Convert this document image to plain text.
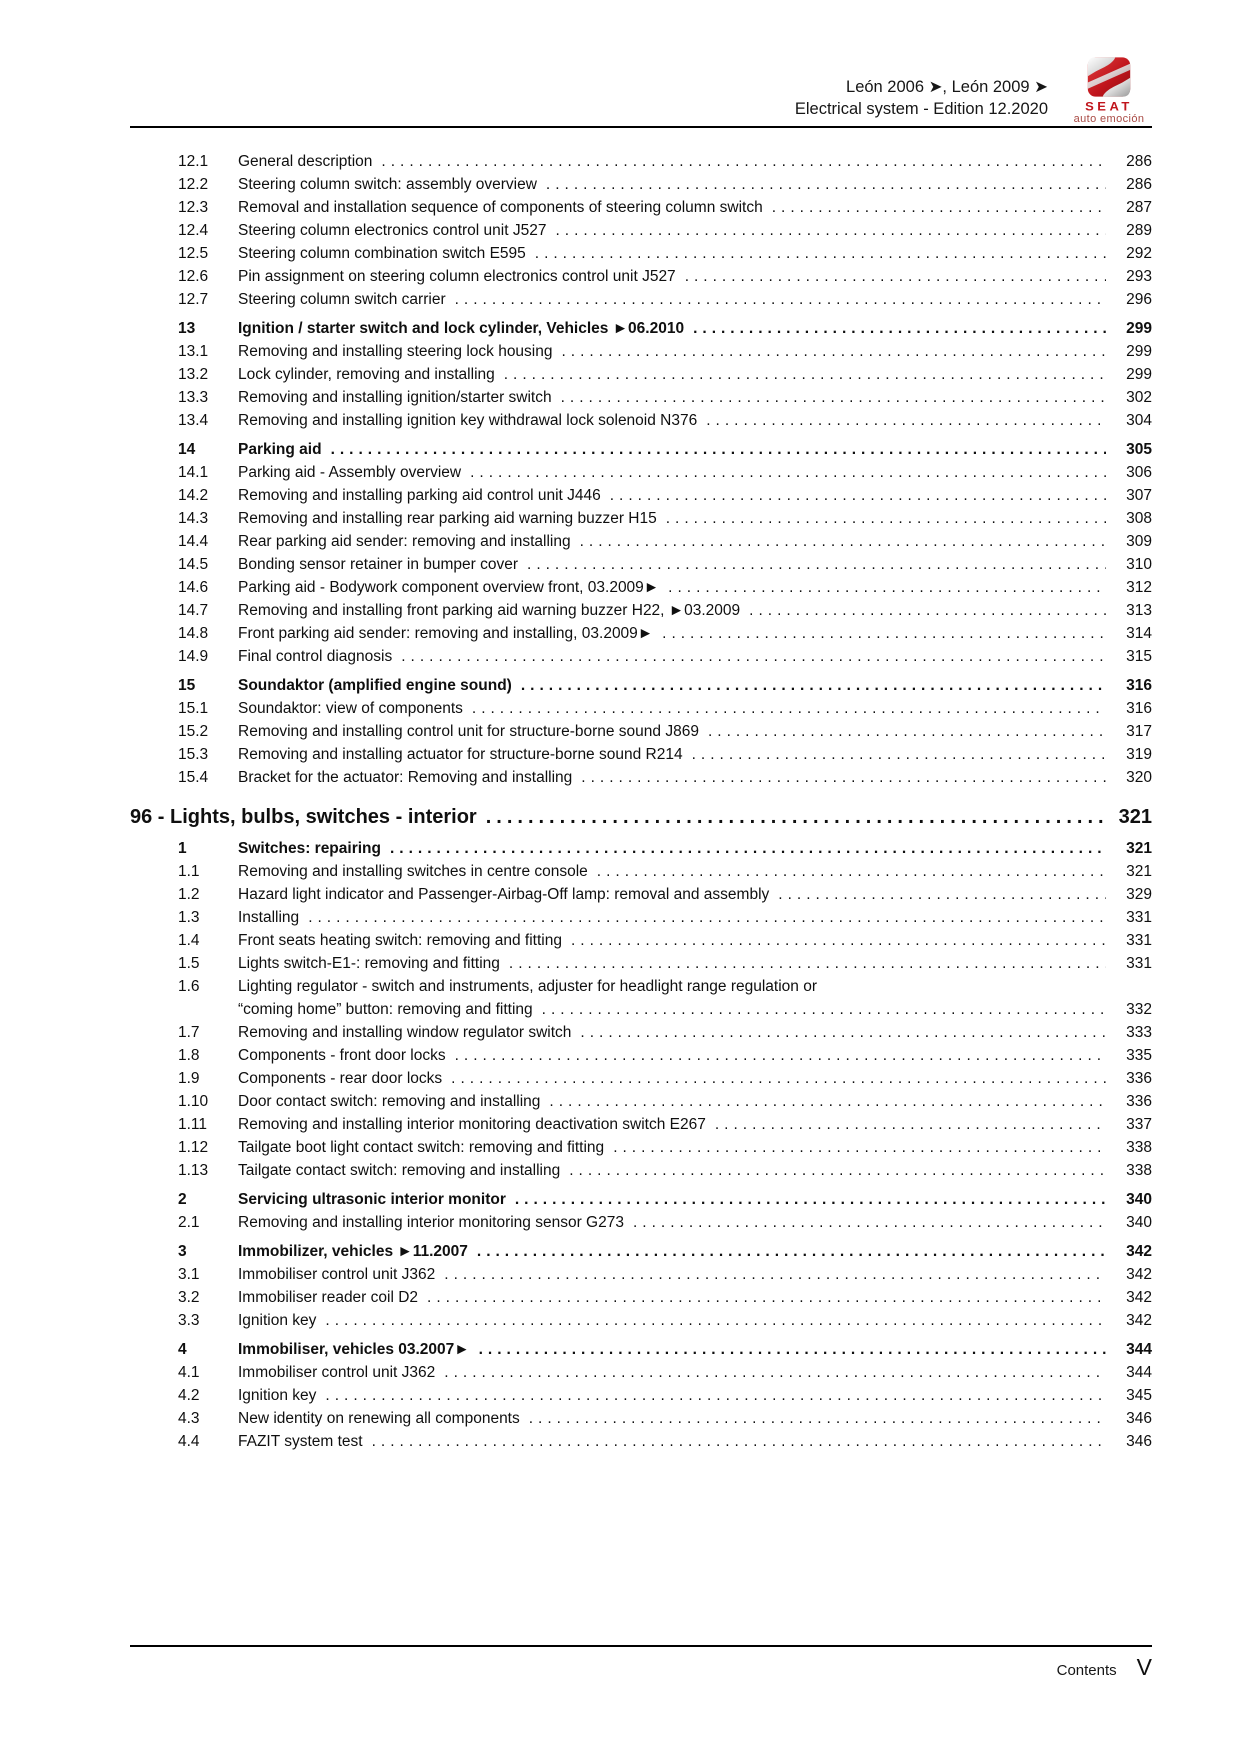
León 2006 ➤, León 2009 ➤
Electrical system - Edition 12.2020	SEAT
auto emoción
12.1	General description .....	286
12.2	Steering column switch: assembly overview .....	286
12.3	Removal and installation sequence of components of steering column switch .....	287
12.4	Steering column electronics control unit J527 .....	289
12.5	Steering column combination switch E595 .....	292
12.6	Pin assignment on steering column electronics control unit J527 .....	293
12.7	Steering column switch carrier .....	296
13	Ignition / starter switch and lock cylinder, Vehicles ►06.2010 .....	299
13.1	Removing and installing steering lock housing .....	299
13.2	Lock cylinder, removing and installing .....	299
13.3	Removing and installing ignition/starter switch .....	302
13.4	Removing and installing ignition key withdrawal lock solenoid N376 .....	304
14	Parking aid .....	305
14.1	Parking aid - Assembly overview .....	306
14.2	Removing and installing parking aid control unit J446 .....	307
14.3	Removing and installing rear parking aid warning buzzer H15 .....	308
14.4	Rear parking aid sender: removing and installing .....	309
14.5	Bonding sensor retainer in bumper cover .....	310
14.6	Parking aid - Bodywork component overview front, 03.2009► .....	312
14.7	Removing and installing front parking aid warning buzzer H22, ►03.2009 .....	313
14.8	Front parking aid sender: removing and installing, 03.2009► .....	314
14.9	Final control diagnosis .....	315
15	Soundaktor (amplified engine sound) .....	316
15.1	Soundaktor: view of components .....	316
15.2	Removing and installing control unit for structure-borne sound J869 .....	317
15.3	Removing and installing actuator for structure-borne sound R214 .....	319
15.4	Bracket for the actuator: Removing and installing .....	320
96 - Lights, bulbs, switches - interior .....	321
1	Switches: repairing .....	321
1.1	Removing and installing switches in centre console .....	321
1.2	Hazard light indicator and Passenger-Airbag-Off lamp: removal and assembly .....	329
1.3	Installing .....	331
1.4	Front seats heating switch: removing and fitting .....	331
1.5	Lights switch-E1-: removing and fitting .....	331
1.6	Lighting regulator - switch and instruments, adjuster for headlight range regulation or
“coming home” button: removing and fitting .....	332
1.7	Removing and installing window regulator switch .....	333
1.8	Components - front door locks .....	335
1.9	Components - rear door locks .....	336
1.10	Door contact switch: removing and installing .....	336
1.11	Removing and installing interior monitoring deactivation switch E267 .....	337
1.12	Tailgate boot light contact switch: removing and fitting .....	338
1.13	Tailgate contact switch: removing and installing .....	338
2	Servicing ultrasonic interior monitor .....	340
2.1	Removing and installing interior monitoring sensor G273 .....	340
3	Immobilizer, vehicles ►11.2007 .....	342
3.1	Immobiliser control unit J362 .....	342
3.2	Immobiliser reader coil D2 .....	342
3.3	Ignition key .....	342
4	Immobiliser, vehicles 03.2007► .....	344
4.1	Immobiliser control unit J362 .....	344
4.2	Ignition key .....	345
4.3	New identity on renewing all components .....	346
4.4	FAZIT system test .....	346
Contents V
